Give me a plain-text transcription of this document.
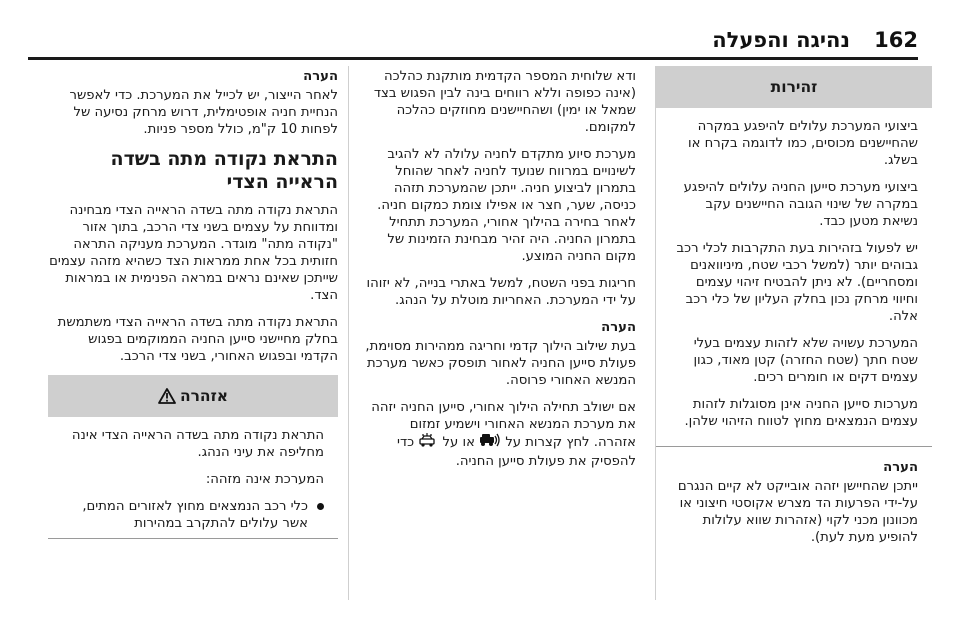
162
נהיגה והפעלה
זהירות

ביצועי המערכת עלולים להיפגע במקרה שהחיישנים מכוסים, כמו לדוגמה בקרח או בשלג.

ביצועי מערכת סייען החניה עלולים להיפגע במקרה של שינוי הגובה החיישנים עקב נשיאת מטען כבד.

יש לפעול בזהירות בעת התקרבות לכלי רכב גבוהים יותר (למשל רכבי שטח, מיניוואנים ומסחריים). לא ניתן להבטיח זיהוי עצמים וחיווי מרחק נכון בחלק העליון של כלי רכב אלה.

המערכת עשויה שלא לזהות עצמים בעלי שטח חתך (שטח החזרה) קטן מאוד, כגון עצמים דקים או חומרים רכים.

מערכות סייען החניה אינן מסוגלות לזהות עצמים הנמצאים מחוץ לטווח הזיהוי שלהן.

הערה

ייתכן שהחיישן יזהה אובייקט לא קיים הנגרם על-ידי הפרעות הד מצרש אקוסטי חיצוני או מכוונון מכני לקוי (אזהרות שווא עלולות להופיע מעת לעת).

ודא שלוחית המספר הקדמית מותקנת כהלכה (אינה כפופה וללא רווחים בינה לבין הפגוש בצד שמאל או ימין) ושהחיישנים מחוזקים כהלכה למקומם.

מערכת סיוע מתקדם לחניה עלולה לא להגיב לשינויים במרווח שנועד לחניה לאחר שהוחל בתמרון לביצוע חניה. ייתכן שהמערכת תזהה כניסה, שער, חצר או אפילו צומת כמקום חניה. לאחר בחירה בהילוך אחורי, המערכת תתחיל בתמרון החניה. היה זהיר מבחינת הזמינות של מקום החניה המוצע.

חריגות בפני השטח, למשל באתרי בנייה, לא יזוהו על ידי המערכת. האחריות מוטלת על הנהג.

הערה

בעת שילוב הילוך קדמי וחריגה ממהירות מסוימת, פעולת סייען החניה לאחור תופסק כאשר מערכת המנשא האחורי פרוסה.

אם ישולב תחילה הילוך אחורי, סייען החניה יזהה את מערכת המנשא האחורי וישמיע זמזום אזהרה. לחץ קצרות על  או על  כדי להפסיק את פעולת סייען החניה.

הערה

לאחר הייצור, יש לכייל את המערכת. כדי לאפשר הנחיית חניה אופטימלית, דרוש מרחק נסיעה של לפחות 10 ק"מ, כולל מספר פניות.

התראת נקודה מתה בשדה הראייה הצדי

התראת נקודה מתה בשדה הראייה הצדי מבחינה ומדווחת על עצמים בשני צדי הרכב, בתוך אזור "נקודה מתה" מוגדר. המערכת מעניקה התראה חזותית בכל אחת ממראות הצד כשהיא מזהה עצמים שייתכן שאינם נראים במראה הפנימית או במראות הצד.

התראת נקודה מתה בשדה הראייה הצדי משתמשת בחלק מחיישני סייען החניה הממוקמים בפגוש הקדמי ובפגוש האחורי, בשני צדי הרכב.

אזהרה

התראת נקודה מתה בשדה הראייה הצדי אינה מחליפה את עיני הנהג.

המערכת אינה מזהה:

כלי רכב הנמצאים מחוץ לאזורים המתים, אשר עלולים להתקרב במהירות
